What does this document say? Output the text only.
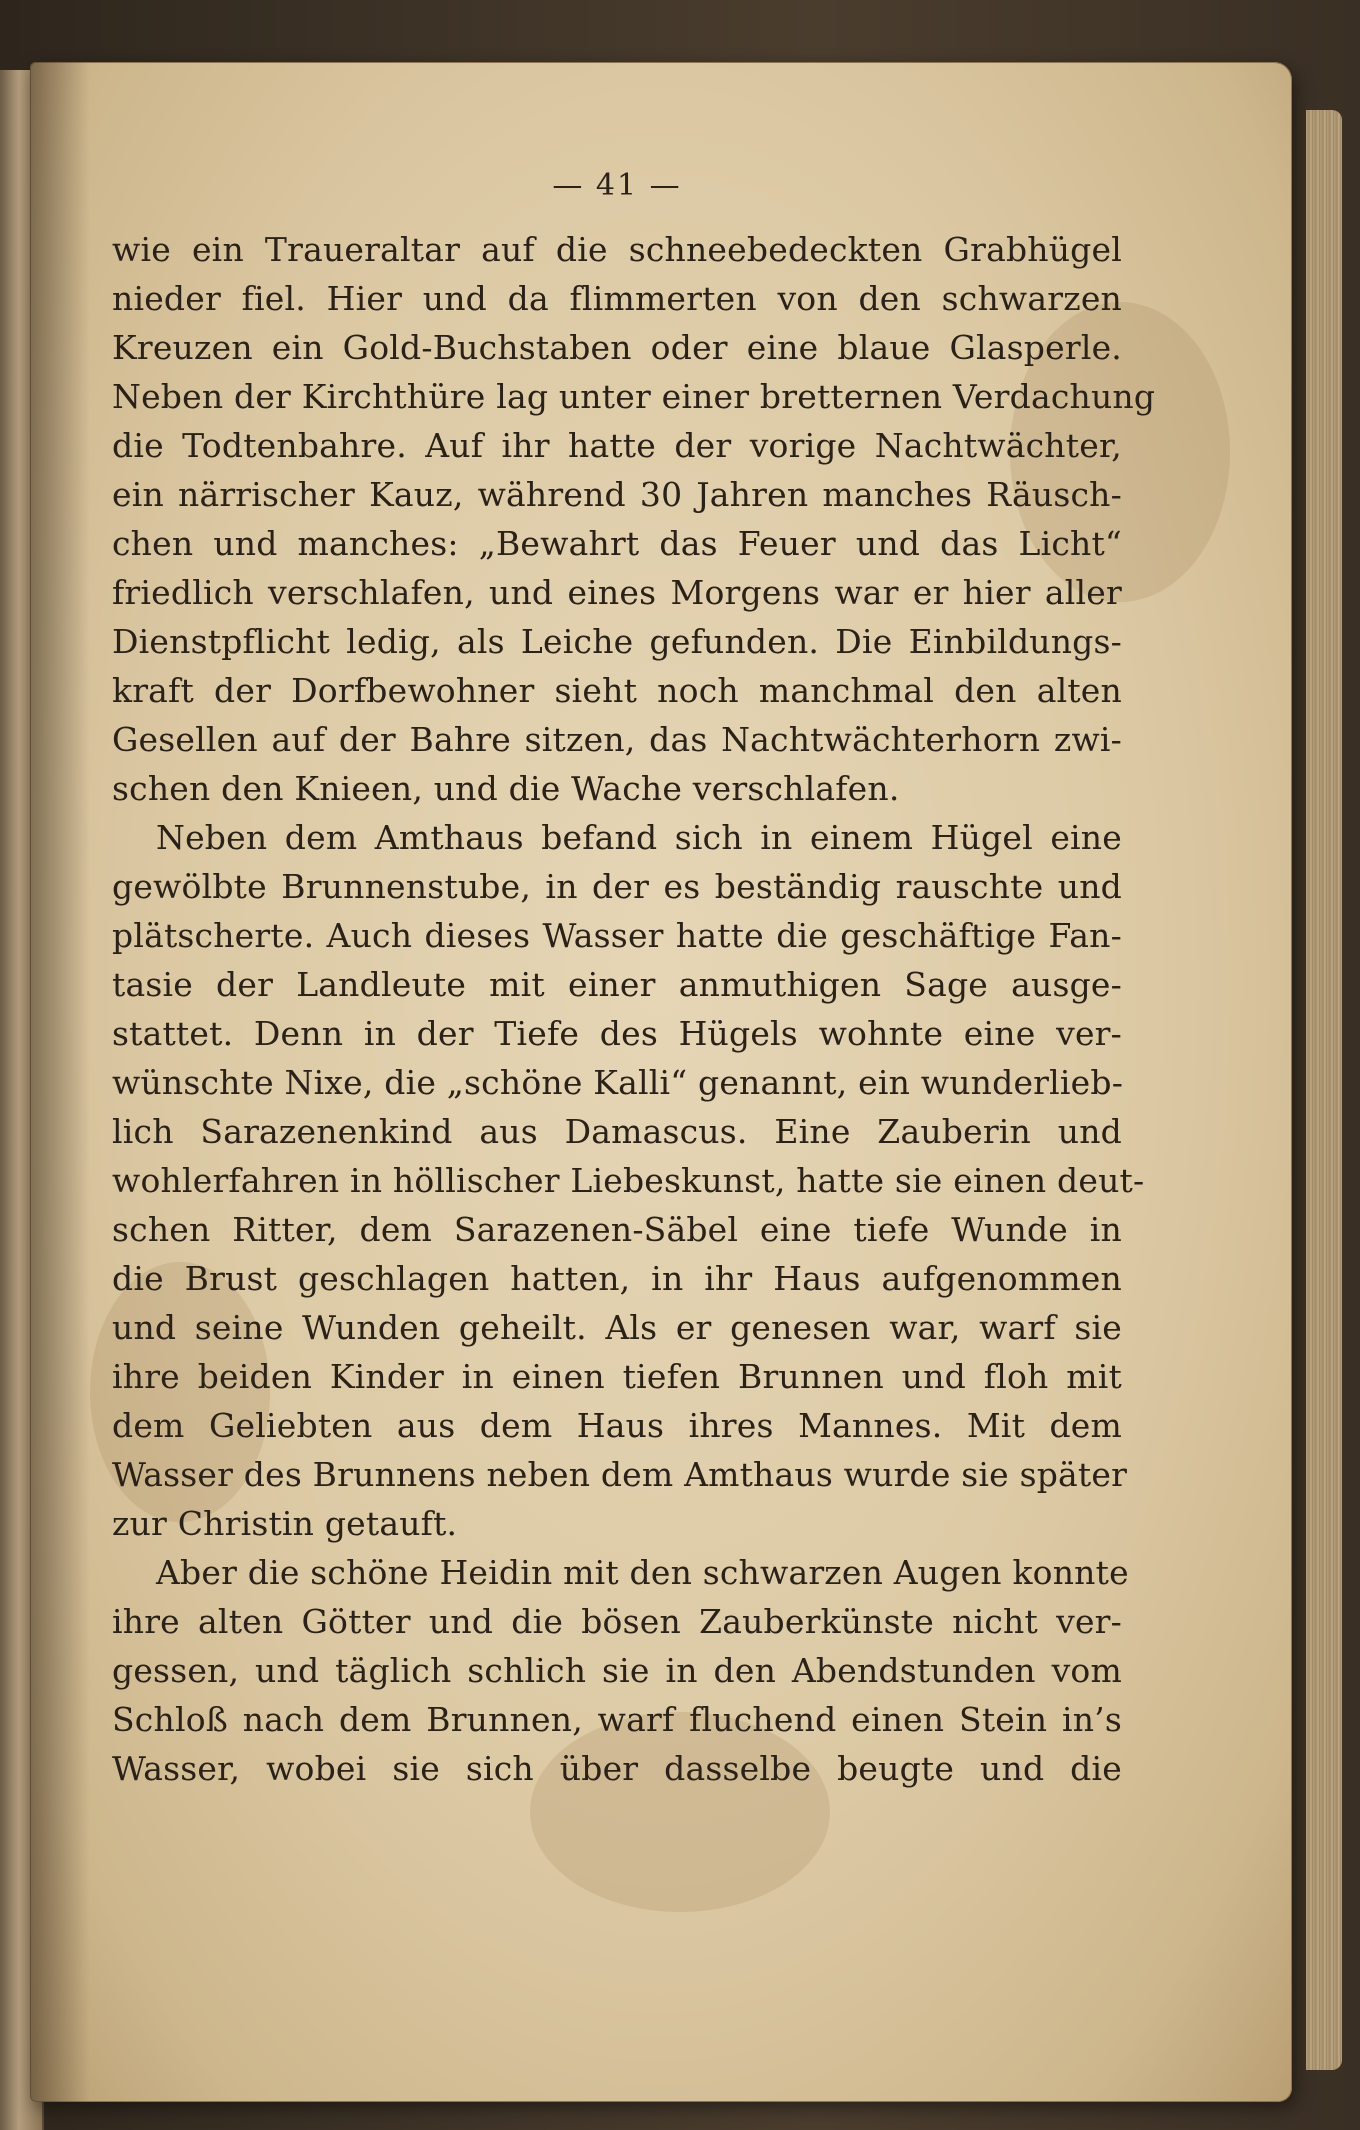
— 41 —
wie ein Traueraltar auf die schneebedeckten Grabhügel
nieder fiel. Hier und da flimmerten von den schwarzen
Kreuzen ein Gold-Buchstaben oder eine blaue Glasperle.
Neben der Kirchthüre lag unter einer bretternen Verdachung
die Todtenbahre. Auf ihr hatte der vorige Nachtwächter,
ein närrischer Kauz, während 30 Jahren manches Räusch-
chen und manches: „Bewahrt das Feuer und das Licht“
friedlich verschlafen, und eines Morgens war er hier aller
Dienstpflicht ledig, als Leiche gefunden. Die Einbildungs-
kraft der Dorfbewohner sieht noch manchmal den alten
Gesellen auf der Bahre sitzen, das Nachtwächterhorn zwi-
schen den Knieen, und die Wache verschlafen.
Neben dem Amthaus befand sich in einem Hügel eine
gewölbte Brunnenstube, in der es beständig rauschte und
plätscherte. Auch dieses Wasser hatte die geschäftige Fan-
tasie der Landleute mit einer anmuthigen Sage ausge-
stattet. Denn in der Tiefe des Hügels wohnte eine ver-
wünschte Nixe, die „schöne Kalli“ genannt, ein wunderlieb-
lich Sarazenenkind aus Damascus. Eine Zauberin und
wohlerfahren in höllischer Liebeskunst, hatte sie einen deut-
schen Ritter, dem Sarazenen-Säbel eine tiefe Wunde in
die Brust geschlagen hatten, in ihr Haus aufgenommen
und seine Wunden geheilt. Als er genesen war, warf sie
ihre beiden Kinder in einen tiefen Brunnen und floh mit
dem Geliebten aus dem Haus ihres Mannes. Mit dem
Wasser des Brunnens neben dem Amthaus wurde sie später
zur Christin getauft.
Aber die schöne Heidin mit den schwarzen Augen konnte
ihre alten Götter und die bösen Zauberkünste nicht ver-
gessen, und täglich schlich sie in den Abendstunden vom
Schloß nach dem Brunnen, warf fluchend einen Stein in’s
Wasser, wobei sie sich über dasselbe beugte und die
